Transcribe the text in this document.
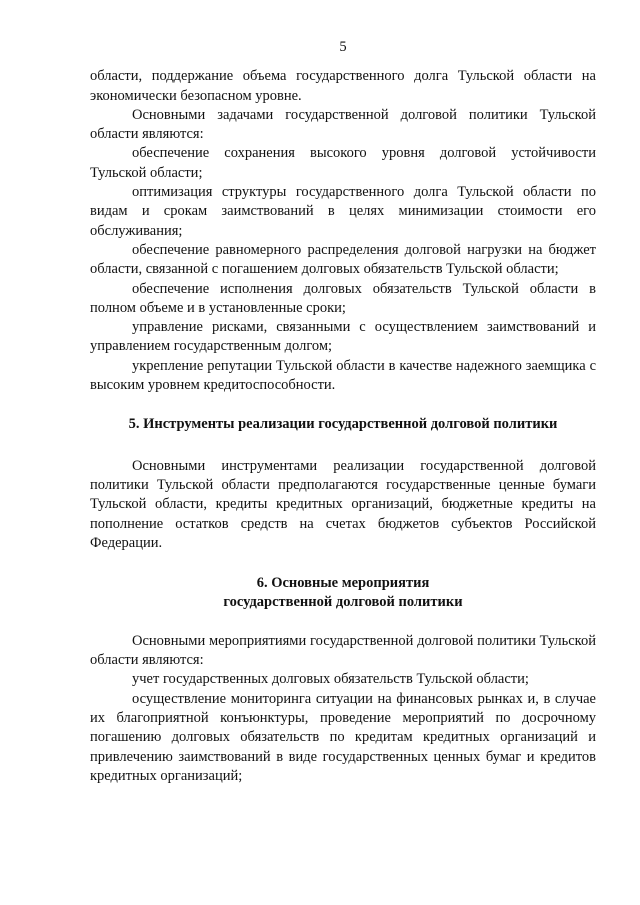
5

области, поддержание объема государственного долга Тульской области на экономически безопасном уровне.

Основными задачами государственной долговой политики Тульской области являются:

обеспечение сохранения высокого уровня долговой устойчивости Тульской области;

оптимизация структуры государственного долга Тульской области по видам и срокам заимствований в целях минимизации стоимости его обслуживания;

обеспечение равномерного распределения долговой нагрузки на бюджет области, связанной с погашением долговых обязательств Тульской области;

обеспечение исполнения долговых обязательств Тульской области в полном объеме и в установленные сроки;

управление рисками, связанными с осуществлением заимствований и управлением государственным долгом;

укрепление репутации Тульской области в качестве надежного заемщика с высоким уровнем кредитоспособности.

5. Инструменты реализации государственной долговой политики

Основными инструментами реализации государственной долговой политики Тульской области предполагаются государственные ценные бумаги Тульской области, кредиты кредитных организаций, бюджетные кредиты на пополнение остатков средств на счетах бюджетов субъектов Российской Федерации.

6. Основные мероприятия
государственной долговой политики

Основными мероприятиями государственной долговой политики Тульской области являются:

учет государственных долговых обязательств Тульской области;

осуществление мониторинга ситуации на финансовых рынках и, в случае их благоприятной конъюнктуры, проведение мероприятий по досрочному погашению долговых обязательств по кредитам кредитных организаций и привлечению заимствований в виде государственных ценных бумаг и кредитов кредитных организаций;
